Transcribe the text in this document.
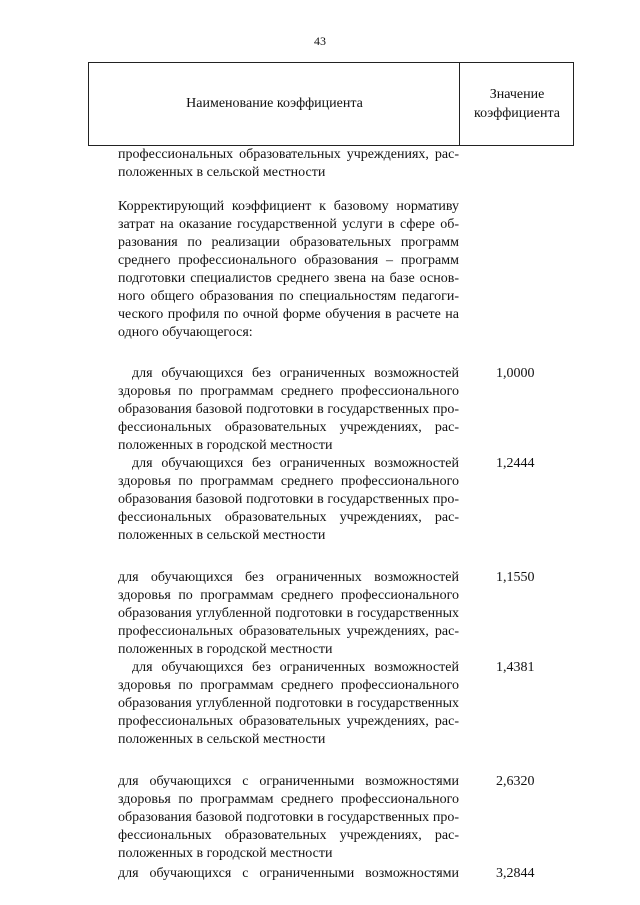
43
Наименование коэффициента
Значение
коэффициента
профессиональных образовательных учреждениях, рас-
положенных в сельской местности
Корректирующий коэффициент к базовому нормативу
затрат на оказание государственной услуги в сфере об-
разования по реализации образовательных программ
среднего профессионального образования – программ
подготовки специалистов среднего звена на базе основ-
ного общего образования по специальностям педагоги-
ческого профиля по очной форме обучения в расчете на
одного обучающегося:
для обучающихся без ограниченных возможностей
здоровья по программам среднего профессионального
образования базовой подготовки в государственных про-
фессиональных образовательных учреждениях, рас-
положенных в городской местности
1,0000
для обучающихся без ограниченных возможностей
здоровья по программам среднего профессионального
образования базовой подготовки в государственных про-
фессиональных образовательных учреждениях, рас-
положенных в сельской местности
1,2444
для обучающихся без ограниченных возможностей
здоровья по программам среднего профессионального
образования углубленной подготовки в государственных
профессиональных образовательных учреждениях, рас-
положенных в городской местности
1,1550
для обучающихся без ограниченных возможностей
здоровья по программам среднего профессионального
образования углубленной подготовки в государственных
профессиональных образовательных учреждениях, рас-
положенных в сельской местности
1,4381
для обучающихся с ограниченными возможностями
здоровья по программам среднего профессионального
образования базовой подготовки в государственных про-
фессиональных образовательных учреждениях, рас-
положенных в городской местности
2,6320
для обучающихся с ограниченными возможностями	3,2844
